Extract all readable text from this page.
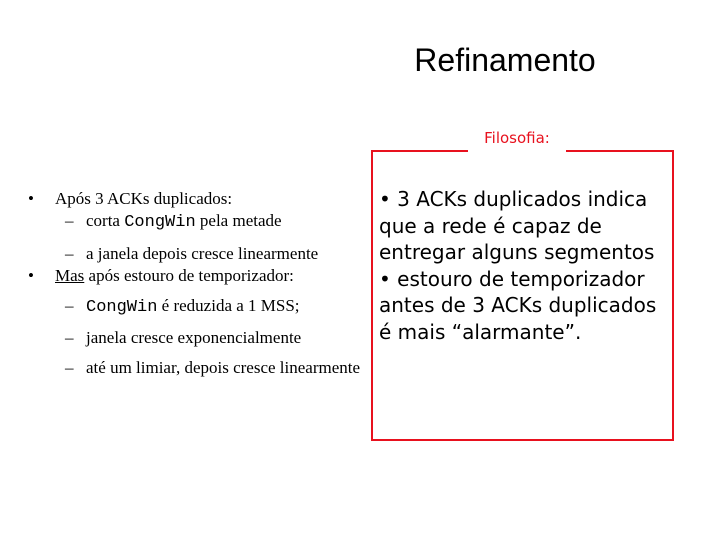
Refinamento
• Após 3 ACKs duplicados:
– corta CongWin pela metade
– a janela depois cresce linearmente
• Mas após estouro de temporizador:
– CongWin é reduzida a 1 MSS;
– janela cresce exponencialmente
– até um limiar, depois cresce linearmente
Filosofia:
• 3 ACKs duplicados indica que a rede é capaz de entregar alguns segmentos
• estouro de temporizador antes de 3 ACKs duplicados é mais “alarmante”.
